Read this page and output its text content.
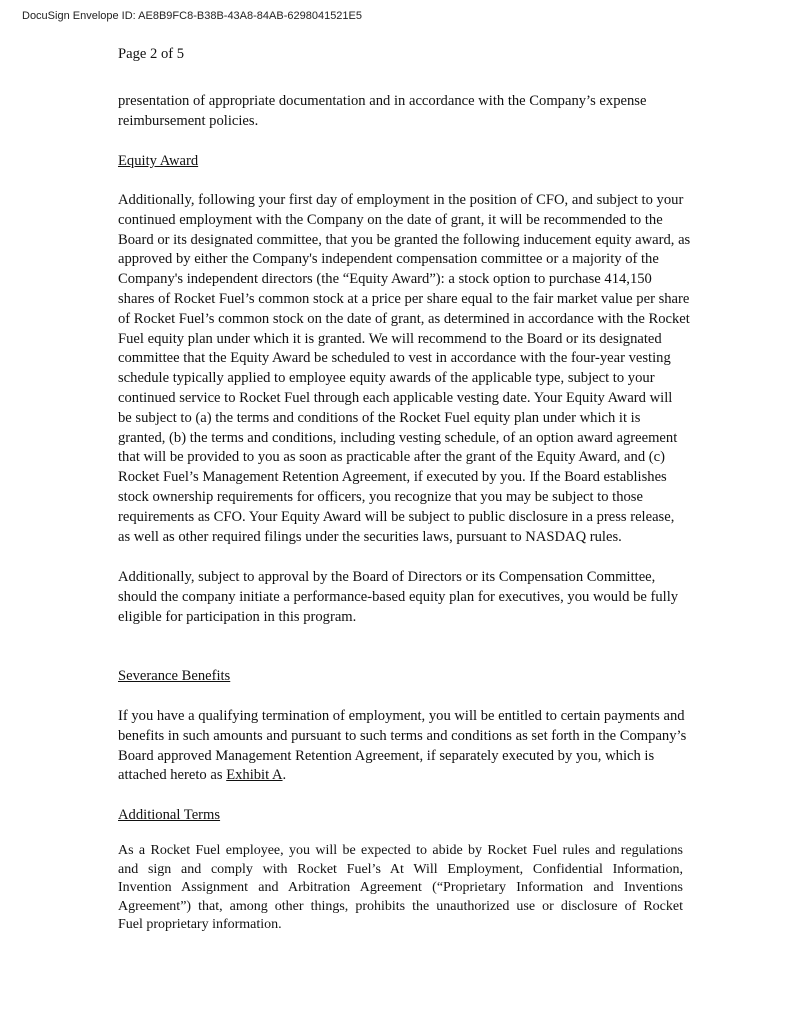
DocuSign Envelope ID: AE8B9FC8-B38B-43A8-84AB-6298041521E5
Page 2 of 5
presentation of appropriate documentation and in accordance with the Company’s expense
reimbursement policies.
Equity Award
Additionally, following your first day of employment in the position of CFO, and subject to your
continued employment with the Company on the date of grant, it will be recommended to the
Board or its designated committee, that you be granted the following inducement equity award, as
approved by either the Company's independent compensation committee or a majority of the
Company's independent directors (the “Equity Award”): a stock option to purchase 414,150
shares of Rocket Fuel’s common stock at a price per share equal to the fair market value per share
of Rocket Fuel’s common stock on the date of grant, as determined in accordance with the Rocket
Fuel equity plan under which it is granted. We will recommend to the Board or its designated
committee that the Equity Award be scheduled to vest in accordance with the four-year vesting
schedule typically applied to employee equity awards of the applicable type, subject to your
continued service to Rocket Fuel through each applicable vesting date. Your Equity Award will
be subject to (a) the terms and conditions of the Rocket Fuel equity plan under which it is
granted, (b) the terms and conditions, including vesting schedule, of an option award agreement
that will be provided to you as soon as practicable after the grant of the Equity Award, and (c)
Rocket Fuel’s Management Retention Agreement, if executed by you. If the Board establishes
stock ownership requirements for officers, you recognize that you may be subject to those
requirements as CFO. Your Equity Award will be subject to public disclosure in a press release,
as well as other required filings under the securities laws, pursuant to NASDAQ rules.
Additionally, subject to approval by the Board of Directors or its Compensation Committee,
should the company initiate a performance-based equity plan for executives, you would be fully
eligible for participation in this program.
Severance Benefits
If you have a qualifying termination of employment, you will be entitled to certain payments and
benefits in such amounts and pursuant to such terms and conditions as set forth in the Company’s
Board approved Management Retention Agreement, if separately executed by you, which is
attached hereto as Exhibit A.
Additional Terms
As a Rocket Fuel employee, you will be expected to abide by Rocket Fuel rules and regulations
and sign and comply with Rocket Fuel’s At Will Employment, Confidential Information,
Invention Assignment and Arbitration Agreement (“Proprietary Information and Inventions
Agreement”) that, among other things, prohibits the unauthorized use or disclosure of Rocket
Fuel proprietary information.
